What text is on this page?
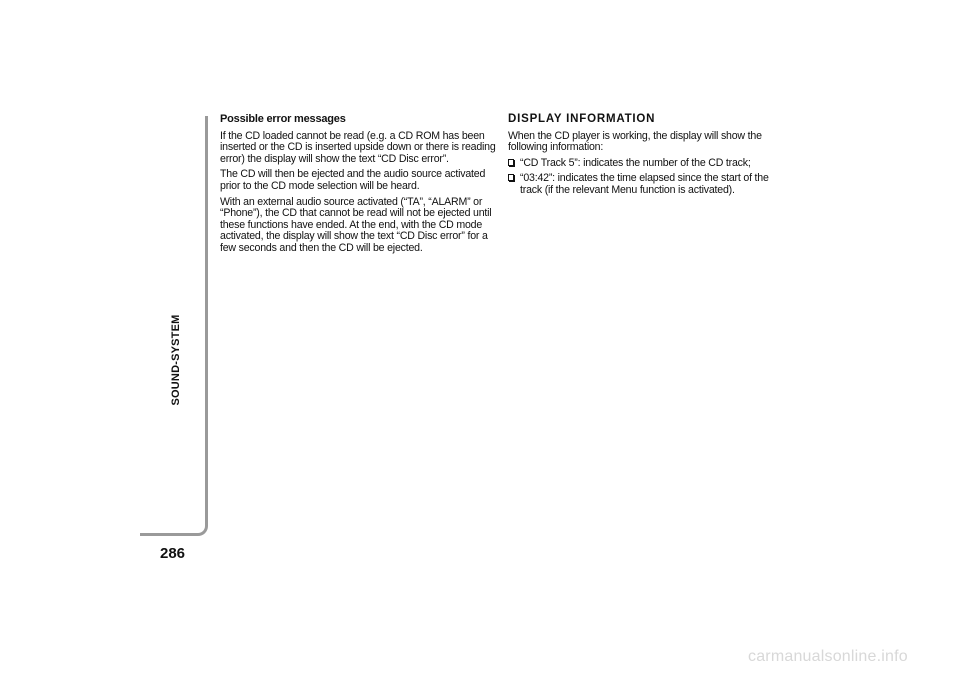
SOUND-SYSTEM
286
Possible error messages

If the CD loaded cannot be read (e.g. a CD ROM has been inserted or the CD is inserted upside down or there is reading error) the display will show the text “CD Disc error”.

The CD will then be ejected and the audio source activated prior to the CD mode selection will be heard.

With an external audio source activated (“TA”, “ALARM” or “Phone”), the CD that cannot be read will not be ejected until these functions have ended. At the end, with the CD mode activated, the display will show the text “CD Disc error” for a few seconds and then the CD will be ejected.

DISPLAY INFORMATION

When the CD player is working, the display will show the following information:

“CD Track 5”: indicates the number of the CD track;
“03:42”: indicates the time elapsed since the start of the track (if the relevant Menu function is activated).
carmanualsonline.info
